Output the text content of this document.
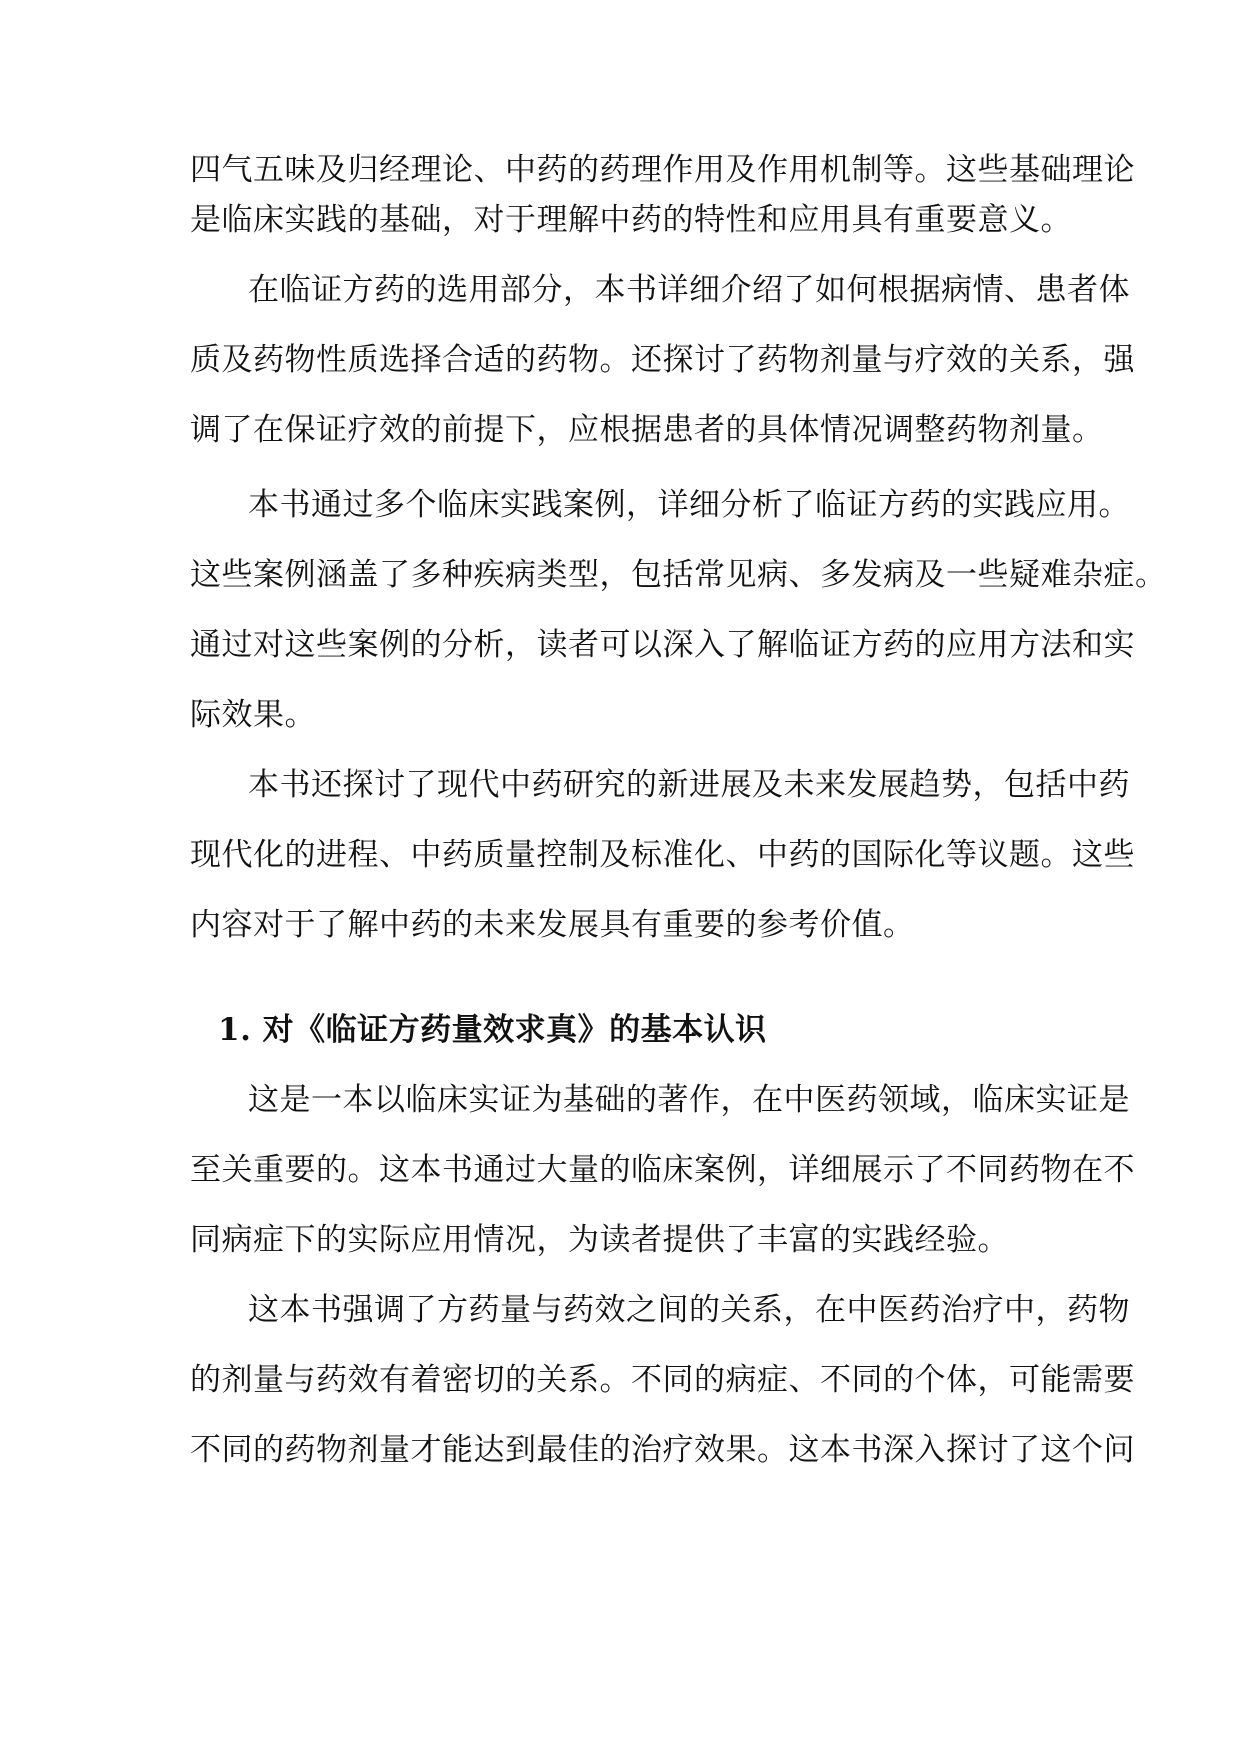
四气五味及归经理论、中药的药理作用及作用机制等。这些基础理论
是临床实践的基础，对于理解中药的特性和应用具有重要意义。
在临证方药的选用部分，本书详细介绍了如何根据病情、患者体
质及药物性质选择合适的药物。还探讨了药物剂量与疗效的关系，强
调了在保证疗效的前提下，应根据患者的具体情况调整药物剂量。
本书通过多个临床实践案例，详细分析了临证方药的实践应用。
这些案例涵盖了多种疾病类型，包括常见病、多发病及一些疑难杂症。
通过对这些案例的分析，读者可以深入了解临证方药的应用方法和实
际效果。
本书还探讨了现代中药研究的新进展及未来发展趋势，包括中药
现代化的进程、中药质量控制及标准化、中药的国际化等议题。这些
内容对于了解中药的未来发展具有重要的参考价值。
1. 对《临证方药量效求真》的基本认识
这是一本以临床实证为基础的著作，在中医药领域，临床实证是
至关重要的。这本书通过大量的临床案例，详细展示了不同药物在不
同病症下的实际应用情况，为读者提供了丰富的实践经验。
这本书强调了方药量与药效之间的关系，在中医药治疗中，药物
的剂量与药效有着密切的关系。不同的病症、不同的个体，可能需要
不同的药物剂量才能达到最佳的治疗效果。这本书深入探讨了这个问
